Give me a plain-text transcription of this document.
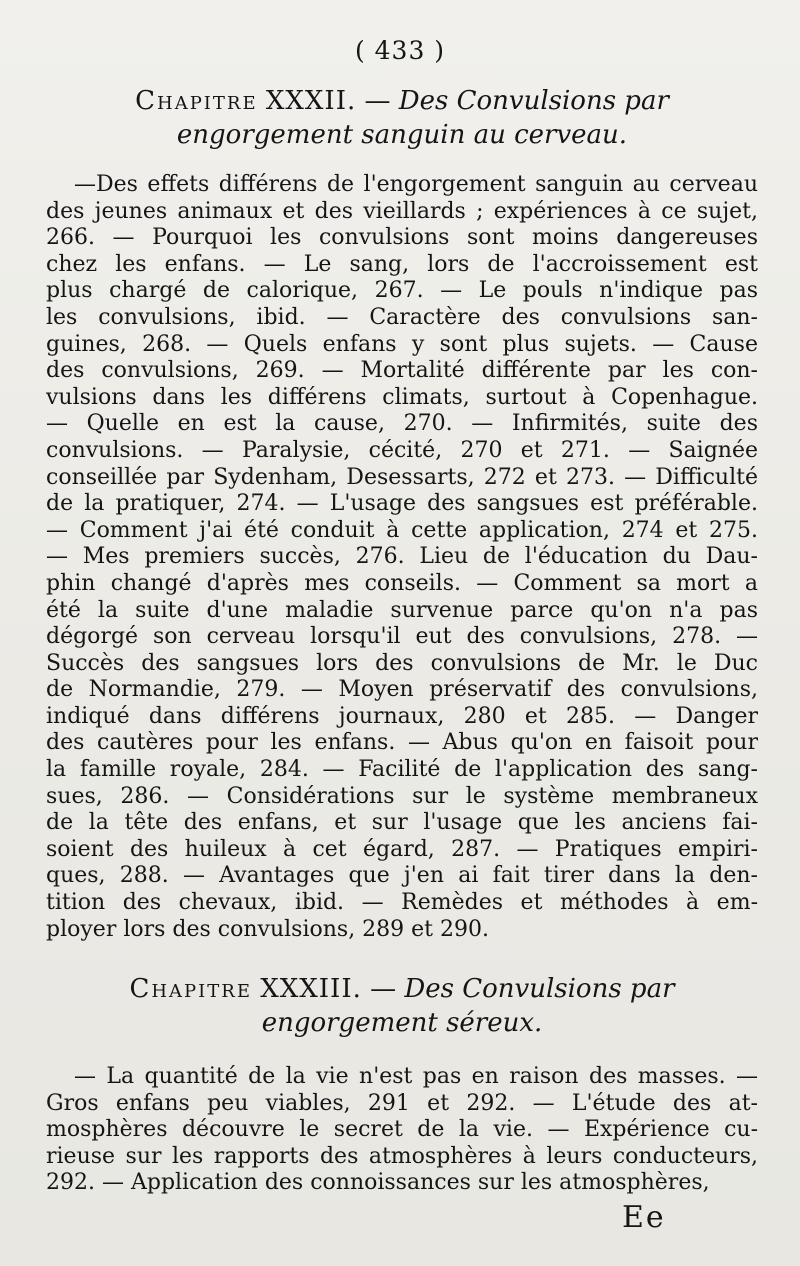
( 433 )
Chapitre XXXII. — Des Convulsions par
engorgement sanguin au cerveau.
—Des effets différens de l'engorgement sanguin au cerveau
des jeunes animaux et des vieillards ; expériences à ce sujet,
266. — Pourquoi les convulsions sont moins dangereuses
chez les enfans. — Le sang, lors de l'accroissement est
plus chargé de calorique, 267. — Le pouls n'indique pas
les convulsions, ibid. — Caractère des convulsions san-
guines, 268. — Quels enfans y sont plus sujets. — Cause
des convulsions, 269. — Mortalité différente par les con-
vulsions dans les différens climats, surtout à Copenhague.
— Quelle en est la cause, 270. — Infirmités, suite des
convulsions. — Paralysie, cécité, 270 et 271. — Saignée
conseillée par Sydenham, Desessarts, 272 et 273. — Difficulté
de la pratiquer, 274. — L'usage des sangsues est préférable.
— Comment j'ai été conduit à cette application, 274 et 275.
— Mes premiers succès, 276. Lieu de l'éducation du Dau-
phin changé d'après mes conseils. — Comment sa mort a
été la suite d'une maladie survenue parce qu'on n'a pas
dégorgé son cerveau lorsqu'il eut des convulsions, 278. —
Succès des sangsues lors des convulsions de Mr. le Duc
de Normandie, 279. — Moyen préservatif des convulsions,
indiqué dans différens journaux, 280 et 285. — Danger
des cautères pour les enfans. — Abus qu'on en faisoit pour
la famille royale, 284. — Facilité de l'application des sang-
sues, 286. — Considérations sur le système membraneux
de la tête des enfans, et sur l'usage que les anciens fai-
soient des huileux à cet égard, 287. — Pratiques empiri-
ques, 288. — Avantages que j'en ai fait tirer dans la den-
tition des chevaux, ibid. — Remèdes et méthodes à em-
ployer lors des convulsions, 289 et 290.
Chapitre XXXIII. — Des Convulsions par
engorgement séreux.
— La quantité de la vie n'est pas en raison des masses. —
Gros enfans peu viables, 291 et 292. — L'étude des at-
mosphères découvre le secret de la vie. — Expérience cu-
rieuse sur les rapports des atmosphères à leurs conducteurs,
292. — Application des connoissances sur les atmosphères,
Ee
